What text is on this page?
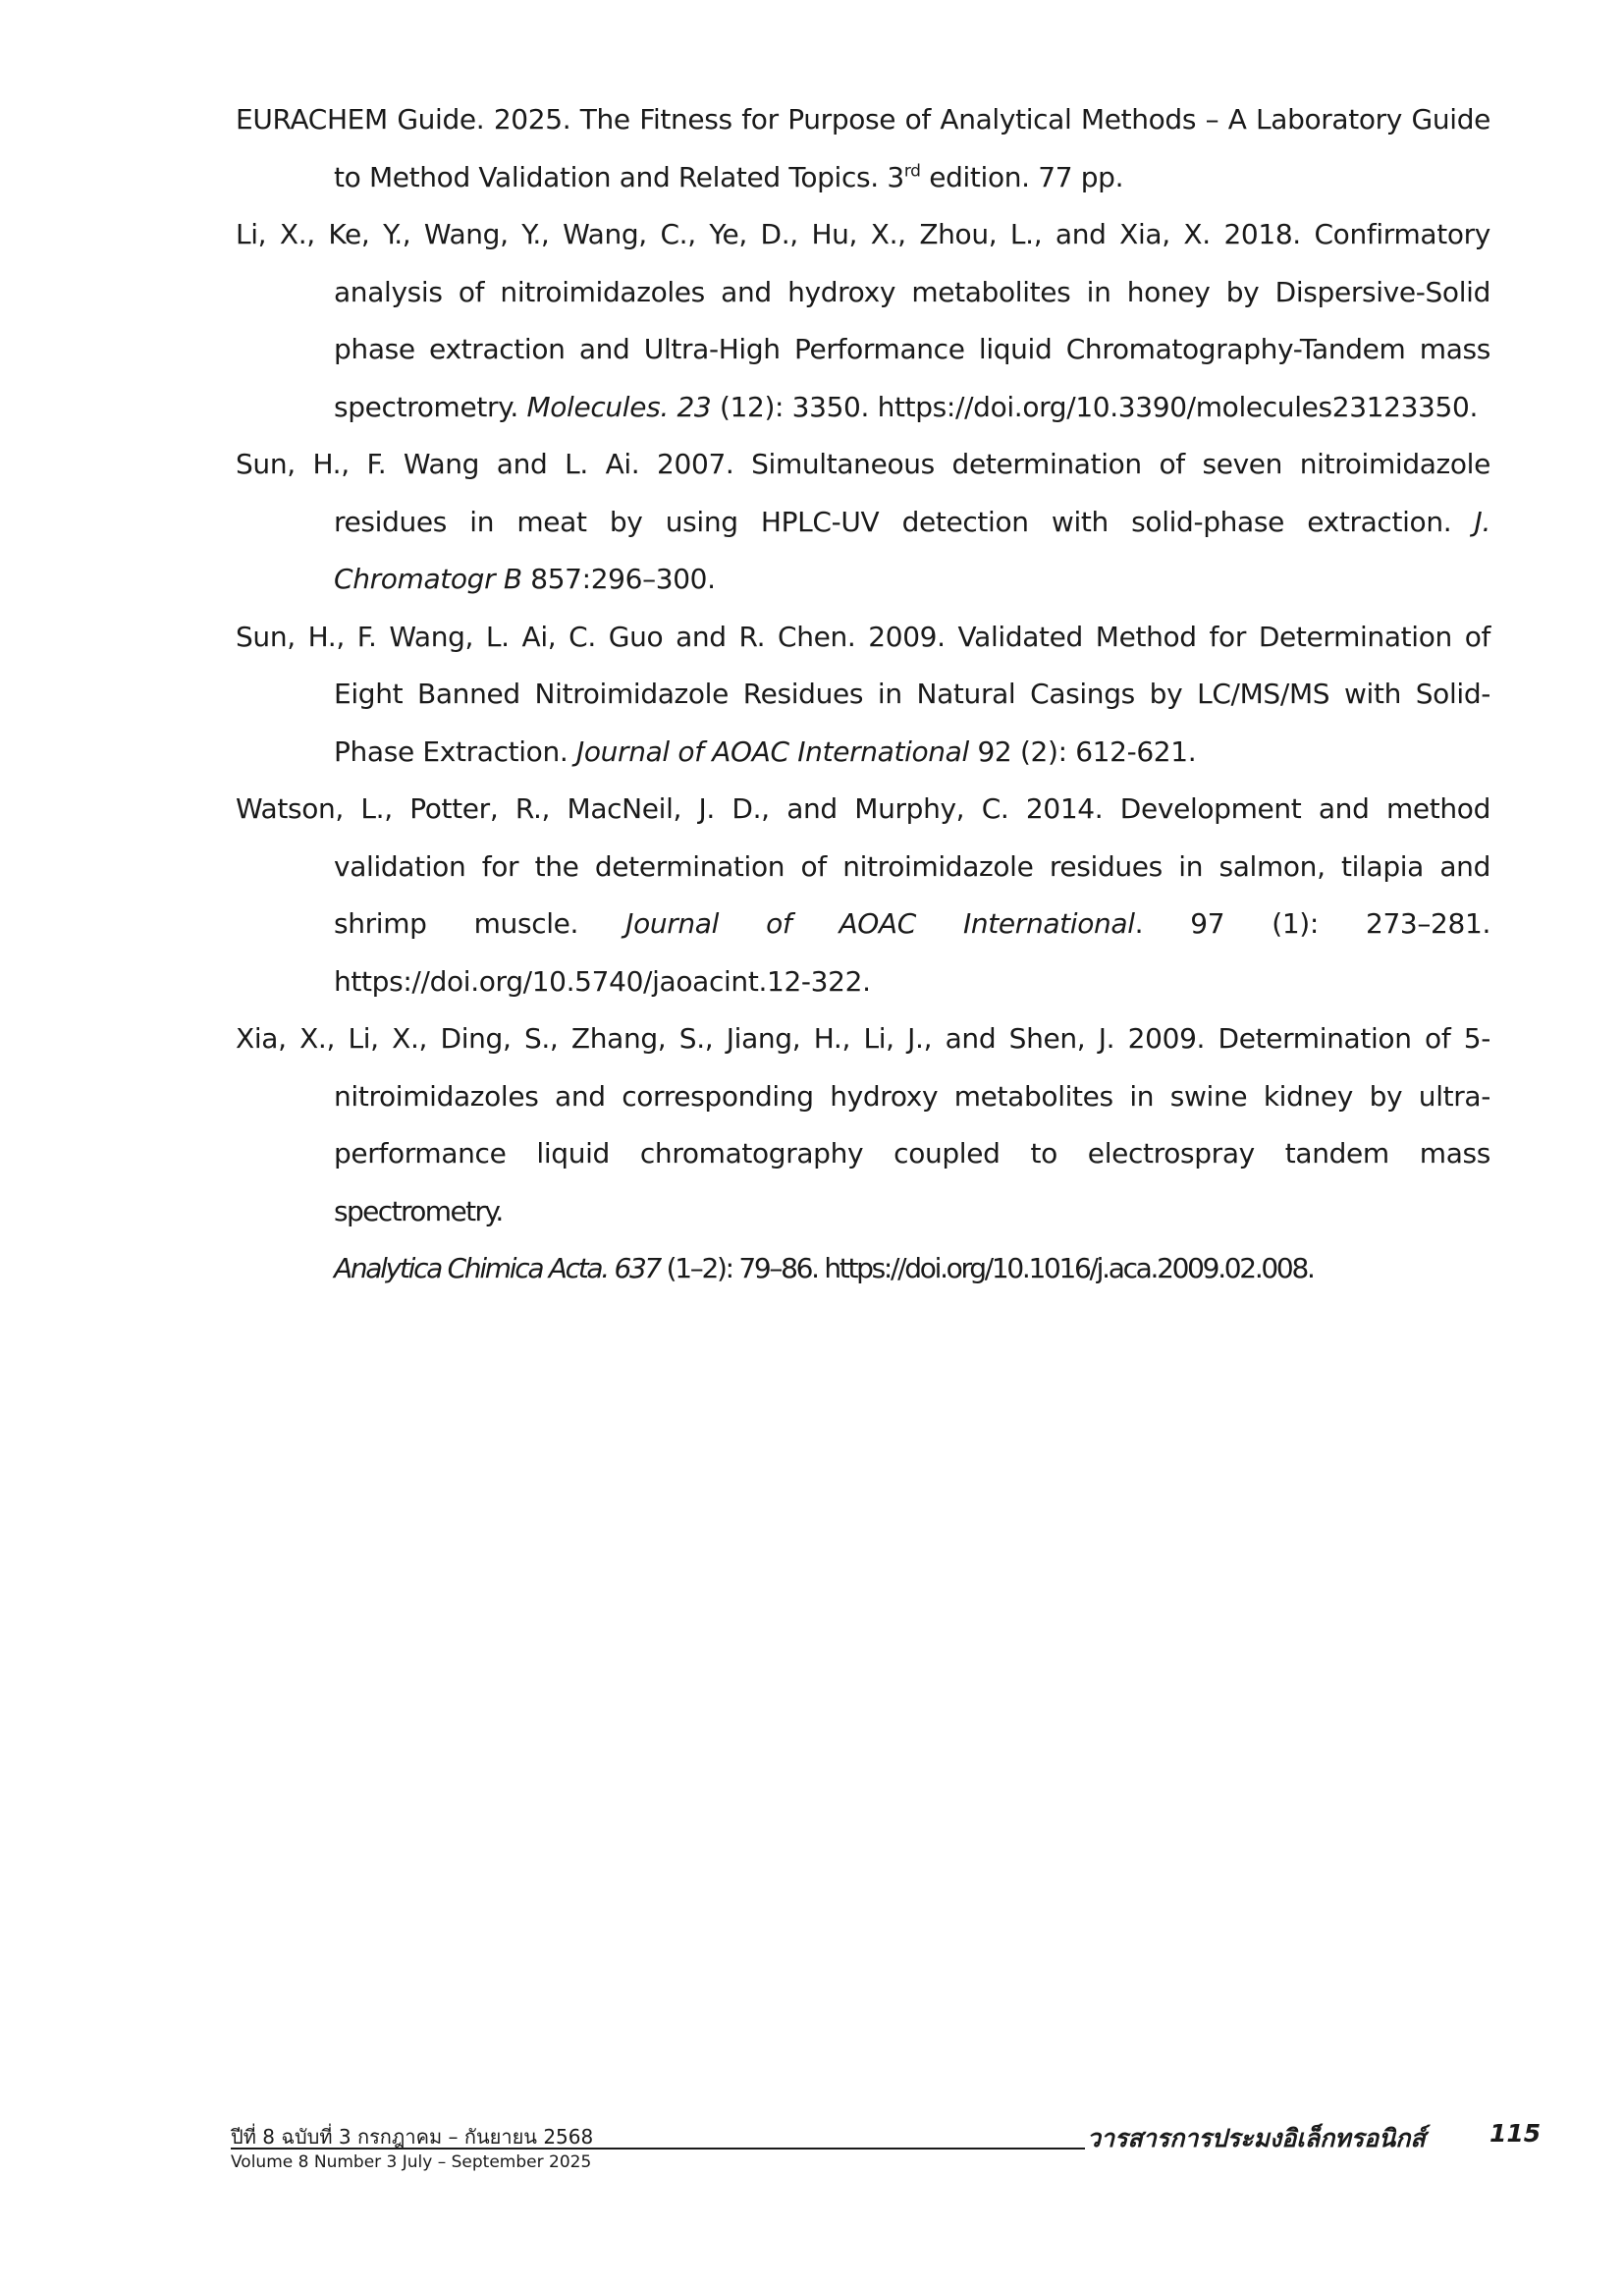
EURACHEM Guide. 2025. The Fitness for Purpose of Analytical Methods – A Laboratory Guide to Method Validation and Related Topics. 3rd edition. 77 pp.

Li, X., Ke, Y., Wang, Y., Wang, C., Ye, D., Hu, X., Zhou, L., and Xia, X. 2018. Confirmatory analysis of nitroimidazoles and hydroxy metabolites in honey by Dispersive-Solid phase extraction and Ultra-High Performance liquid Chromatography-Tandem mass spectrometry. Molecules. 23 (12): 3350. https://doi.org/10.3390/molecules23123350.

Sun, H., F. Wang and L. Ai. 2007. Simultaneous determination of seven nitroimidazole residues in meat by using HPLC-UV detection with solid-phase extraction. J. Chromatogr B 857:296–300.

Sun, H., F. Wang, L. Ai, C. Guo and R. Chen. 2009. Validated Method for Determination of Eight Banned Nitroimidazole Residues in Natural Casings by LC/MS/MS with Solid-Phase Extraction. Journal of AOAC International 92 (2): 612-621.

Watson, L., Potter, R., MacNeil, J. D., and Murphy, C. 2014. Development and method validation for the determination of nitroimidazole residues in salmon, tilapia and shrimp muscle. Journal of AOAC International. 97 (1): 273–281. https://doi.org/10.5740/jaoacint.12-322.

Xia, X., Li, X., Ding, S., Zhang, S., Jiang, H., Li, J., and Shen, J. 2009. Determination of 5-nitroimidazoles and corresponding hydroxy metabolites in swine kidney by ultra-performance liquid chromatography coupled to electrospray tandem mass spectrometry.
Analytica Chimica Acta. 637 (1–2): 79–86. https://doi.org/10.1016/j.aca.2009.02.008.

ปีที่ 8 ฉบับที่ 3 กรกฎาคม – กันยายน 2568
Volume 8 Number 3 July – September 2025
วารสารการประมงอิเล็กทรอนิกส์	115
